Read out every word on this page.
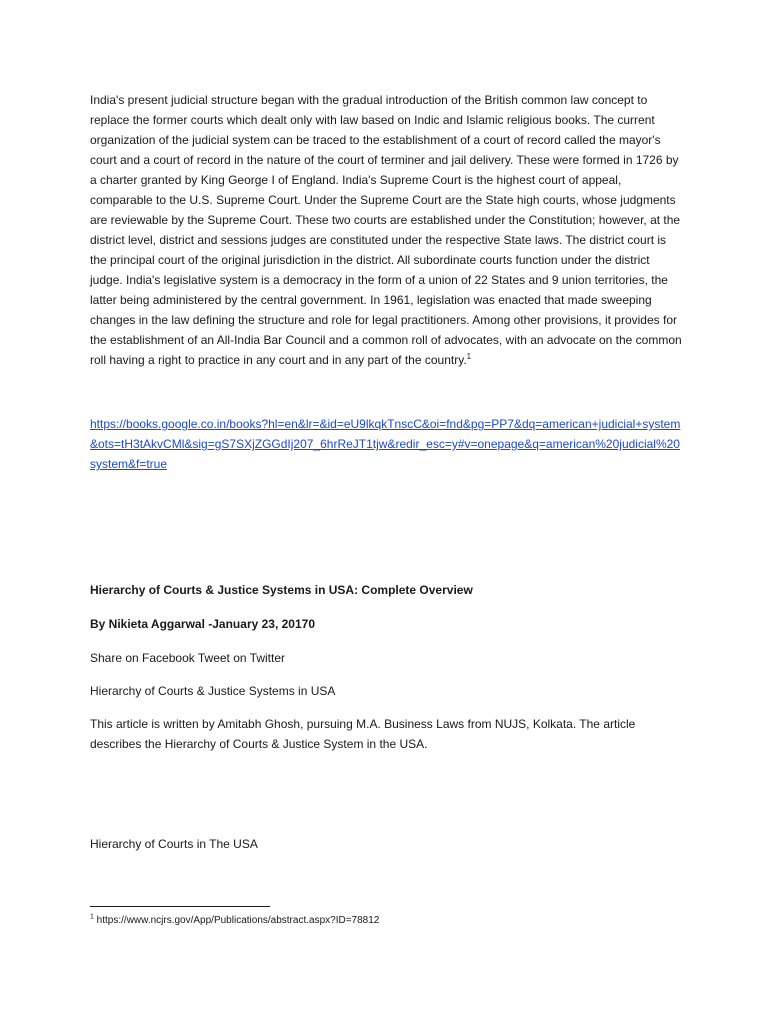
India's present judicial structure began with the gradual introduction of the British common law concept to replace the former courts which dealt only with law based on Indic and Islamic religious books. The current organization of the judicial system can be traced to the establishment of a court of record called the mayor's court and a court of record in the nature of the court of terminer and jail delivery. These were formed in 1726 by a charter granted by King George I of England. India's Supreme Court is the highest court of appeal, comparable to the U.S. Supreme Court. Under the Supreme Court are the State high courts, whose judgments are reviewable by the Supreme Court. These two courts are established under the Constitution; however, at the district level, district and sessions judges are constituted under the respective State laws. The district court is the principal court of the original jurisdiction in the district. All subordinate courts function under the district judge. India's legislative system is a democracy in the form of a union of 22 States and 9 union territories, the latter being administered by the central government. In 1961, legislation was enacted that made sweeping changes in the law defining the structure and role for legal practitioners. Among other provisions, it provides for the establishment of an All-India Bar Council and a common roll of advocates, with an advocate on the common roll having a right to practice in any court and in any part of the country.$^1$

https://books.google.co.in/books?hl=en&lr=&id=eU9lkqkTnscC&oi=fnd&pg=PP7&dq=american+judicial+system&ots=tH3tAkvCMl&sig=gS7SXjZGGdIj207_6hrReJT1tjw&redir_esc=y#v=onepage&q=american%20judicial%20system&f=true

Hierarchy of Courts & Justice Systems in USA: Complete Overview

By Nikieta Aggarwal -January 23, 20170

Share on Facebook Tweet on Twitter

Hierarchy of Courts & Justice Systems in USA

This article is written by Amitabh Ghosh, pursuing M.A. Business Laws from NUJS, Kolkata. The article describes the Hierarchy of Courts & Justice System in the USA.

Hierarchy of Courts in The USA

$^1$ https://www.ncjrs.gov/App/Publications/abstract.aspx?ID=78812
